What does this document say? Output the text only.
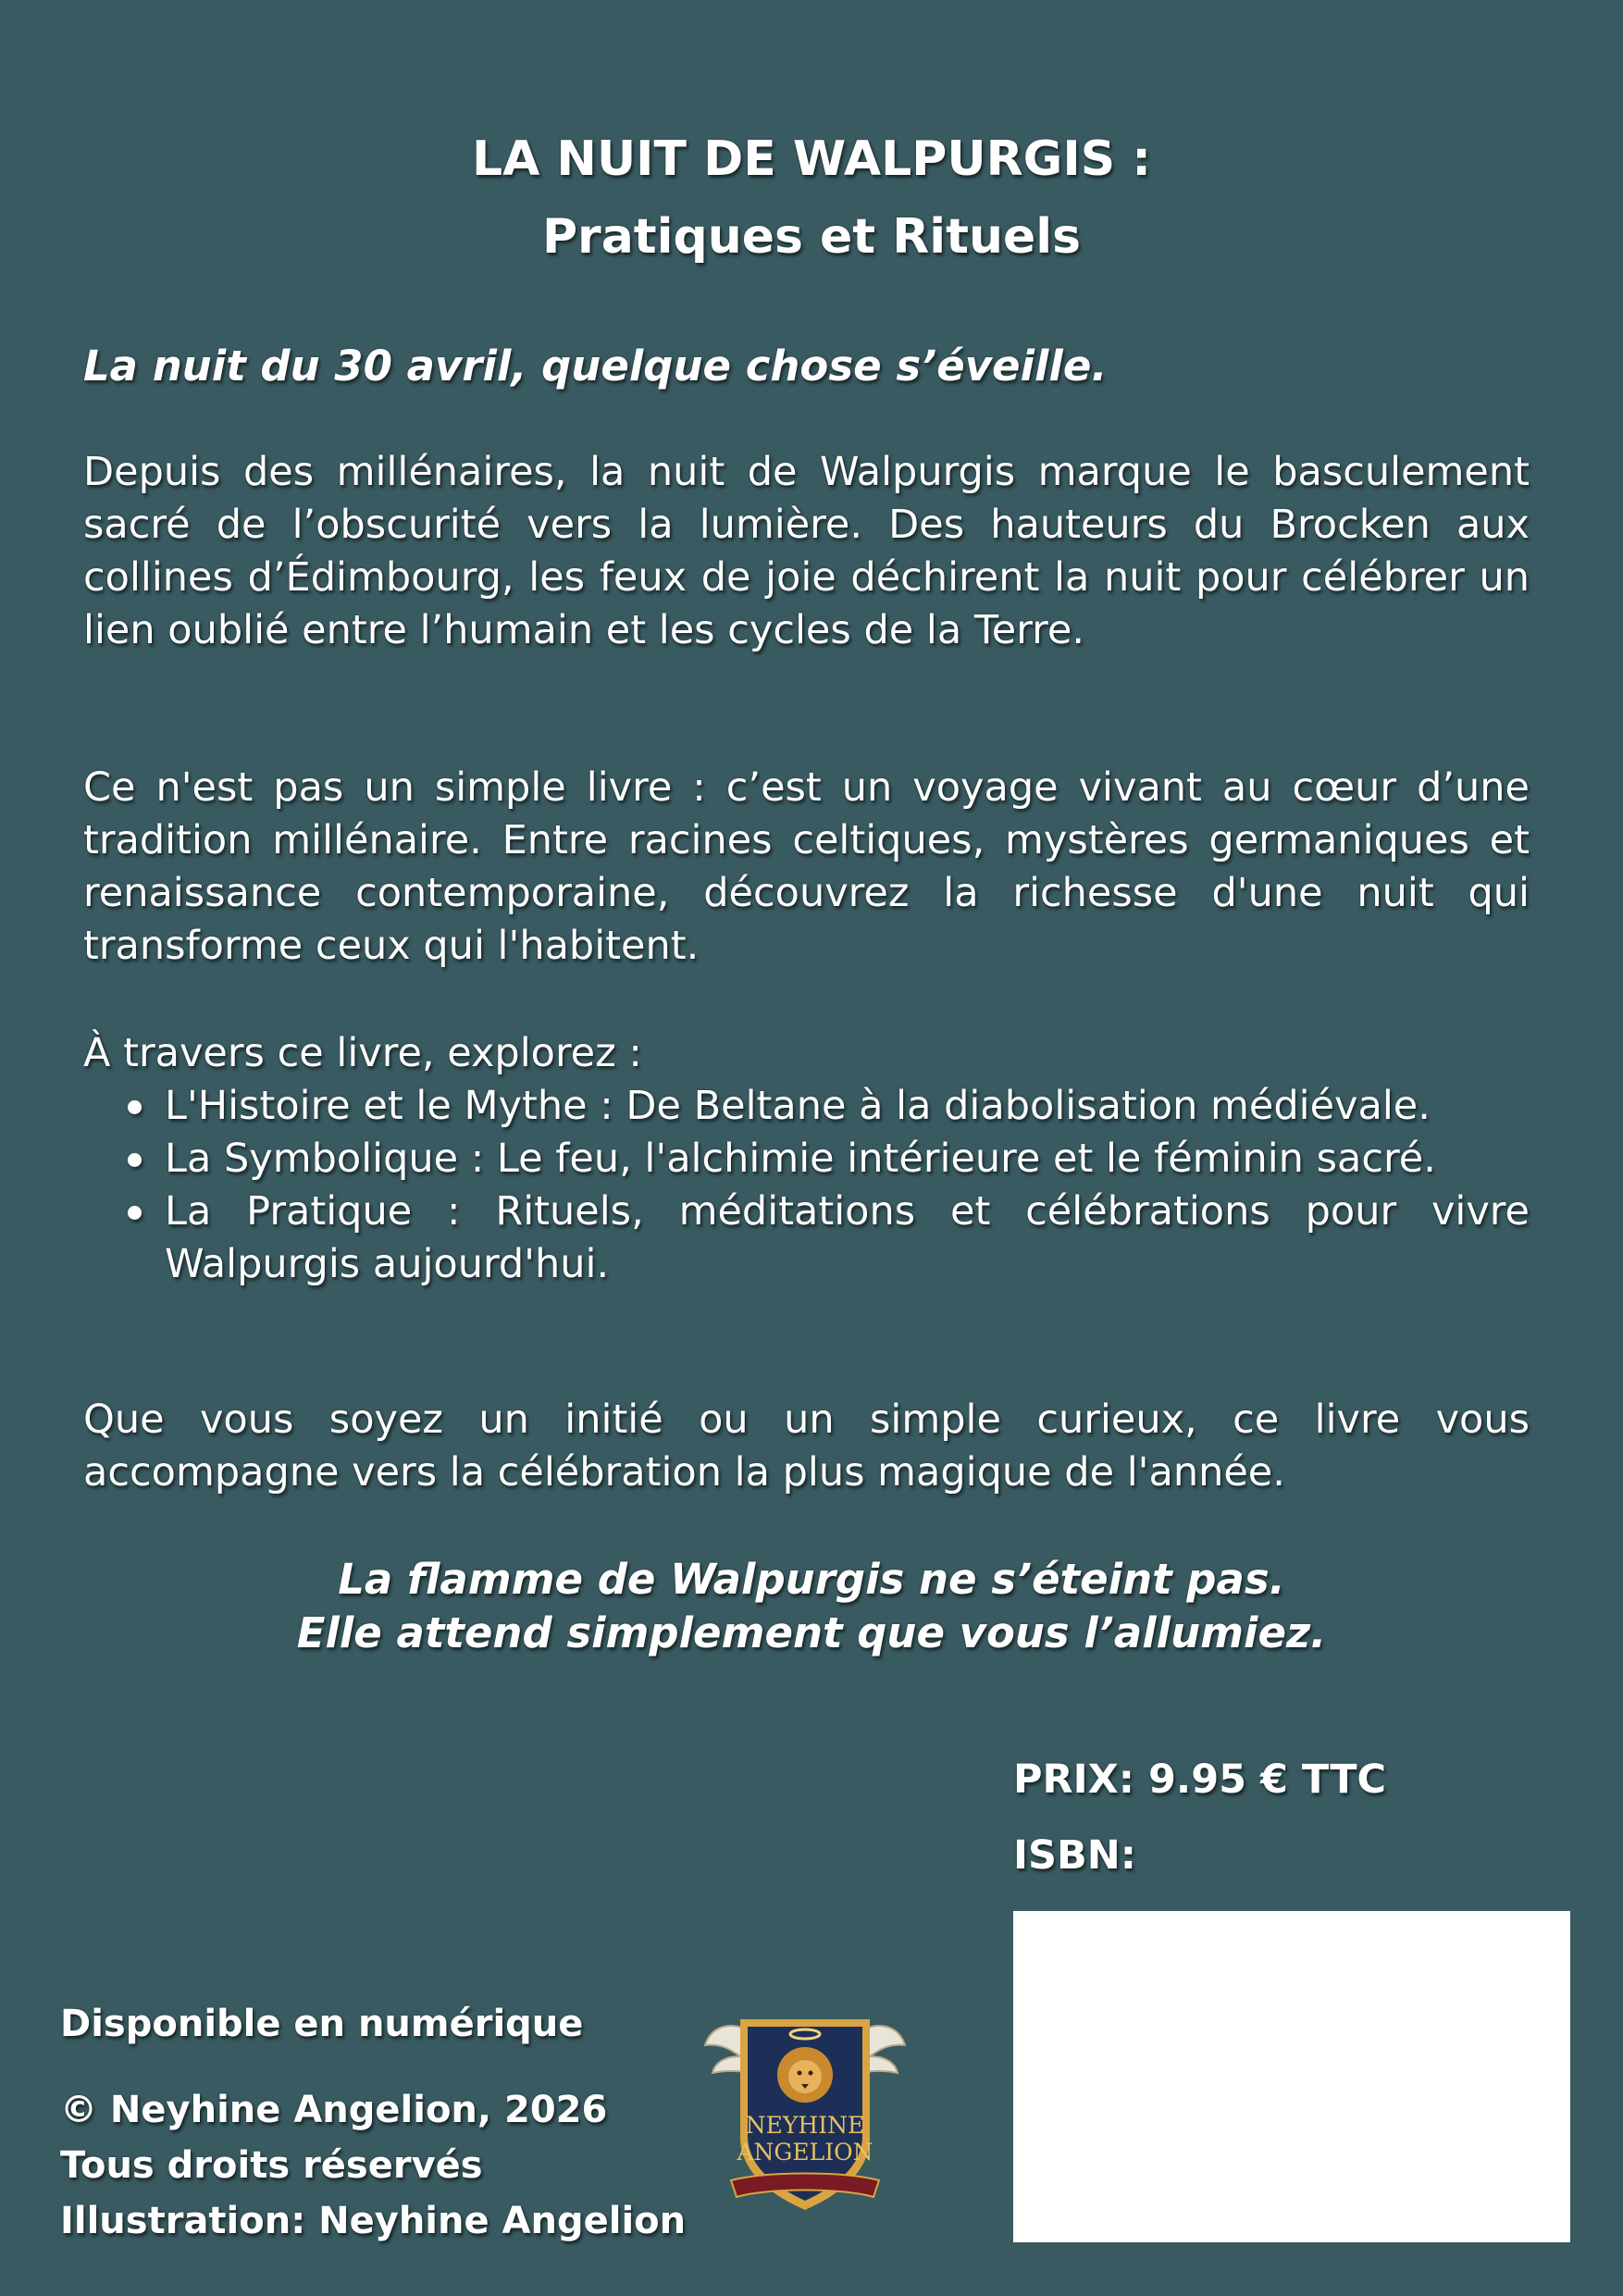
LA NUIT DE WALPURGIS :
Pratiques et Rituels
La nuit du 30 avril, quelque chose s’éveille.

Depuis des millénaires, la nuit de Walpurgis marque le basculement sacré de l’obscurité vers la lumière. Des hauteurs du Brocken aux collines d’Édimbourg, les feux de joie déchirent la nuit pour célébrer un lien oublié entre l’humain et les cycles de la Terre.

Ce n'est pas un simple livre : c’est un voyage vivant au cœur d’une tradition millénaire. Entre racines celtiques, mystères germaniques et renaissance contemporaine, découvrez la richesse d'une nuit qui transforme ceux qui l'habitent.

À travers ce livre, explorez :
L'Histoire et le Mythe : De Beltane à la diabolisation médiévale.
La Symbolique : Le feu, l'alchimie intérieure et le féminin sacré.
La Pratique : Rituels, méditations et célébrations pour vivre Walpurgis aujourd'hui.

Que vous soyez un initié ou un simple curieux, ce livre vous accompagne vers la célébration la plus magique de l'année.

La flamme de Walpurgis ne s’éteint pas.
Elle attend simplement que vous l’allumiez.
PRIX: 9.95 € TTC
ISBN:
Disponible en numérique
© Neyhine Angelion, 2026
Tous droits réservés
Illustration: Neyhine Angelion
NEYHINE
ANGELION
